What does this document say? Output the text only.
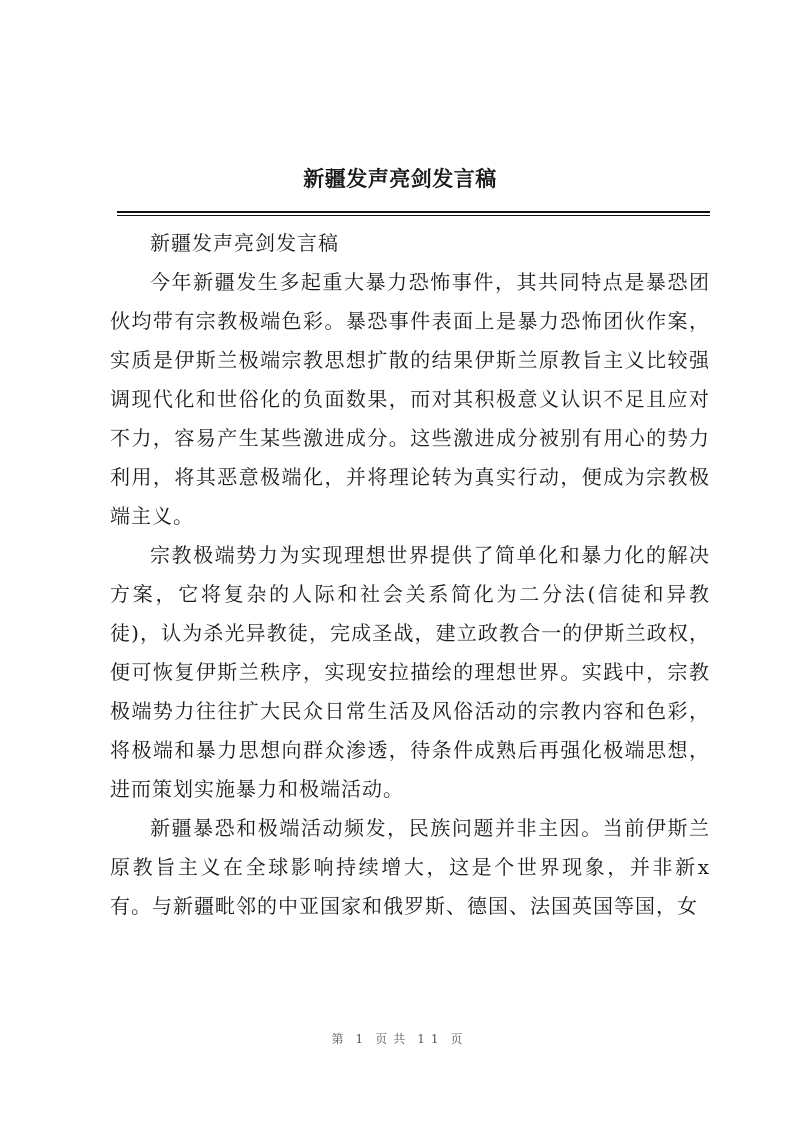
新疆发声亮剑发言稿

新疆发声亮剑发言稿

今年新疆发生多起重大暴力恐怖事件，其共同特点是暴恐团伙均带有宗教极端色彩。暴恐事件表面上是暴力恐怖团伙作案，实质是伊斯兰极端宗教思想扩散的结果伊斯兰原教旨主义比较强调现代化和世俗化的负面数果，而对其积极意义认识不足且应对不力，容易产生某些激进成分。这些激进成分被别有用心的势力利用，将其恶意极端化，并将理论转为真实行动，便成为宗教极端主义。

宗教极端势力为实现理想世界提供了简单化和暴力化的解决方案，它将复杂的人际和社会关系简化为二分法(信徒和异教徒)，认为杀光异教徒，完成圣战，建立政教合一的伊斯兰政权，便可恢复伊斯兰秩序，实现安拉描绘的理想世界。实践中，宗教极端势力往往扩大民众日常生活及风俗活动的宗教内容和色彩，将极端和暴力思想向群众渗透，待条件成熟后再强化极端思想，进而策划实施暴力和极端活动。

新疆暴恐和极端活动频发，民族问题并非主因。当前伊斯兰原教旨主义在全球影响持续增大，这是个世界现象，并非新x有。与新疆毗邻的中亚国家和俄罗斯、德国、法国英国等国，女

第 1 页共 11 页
